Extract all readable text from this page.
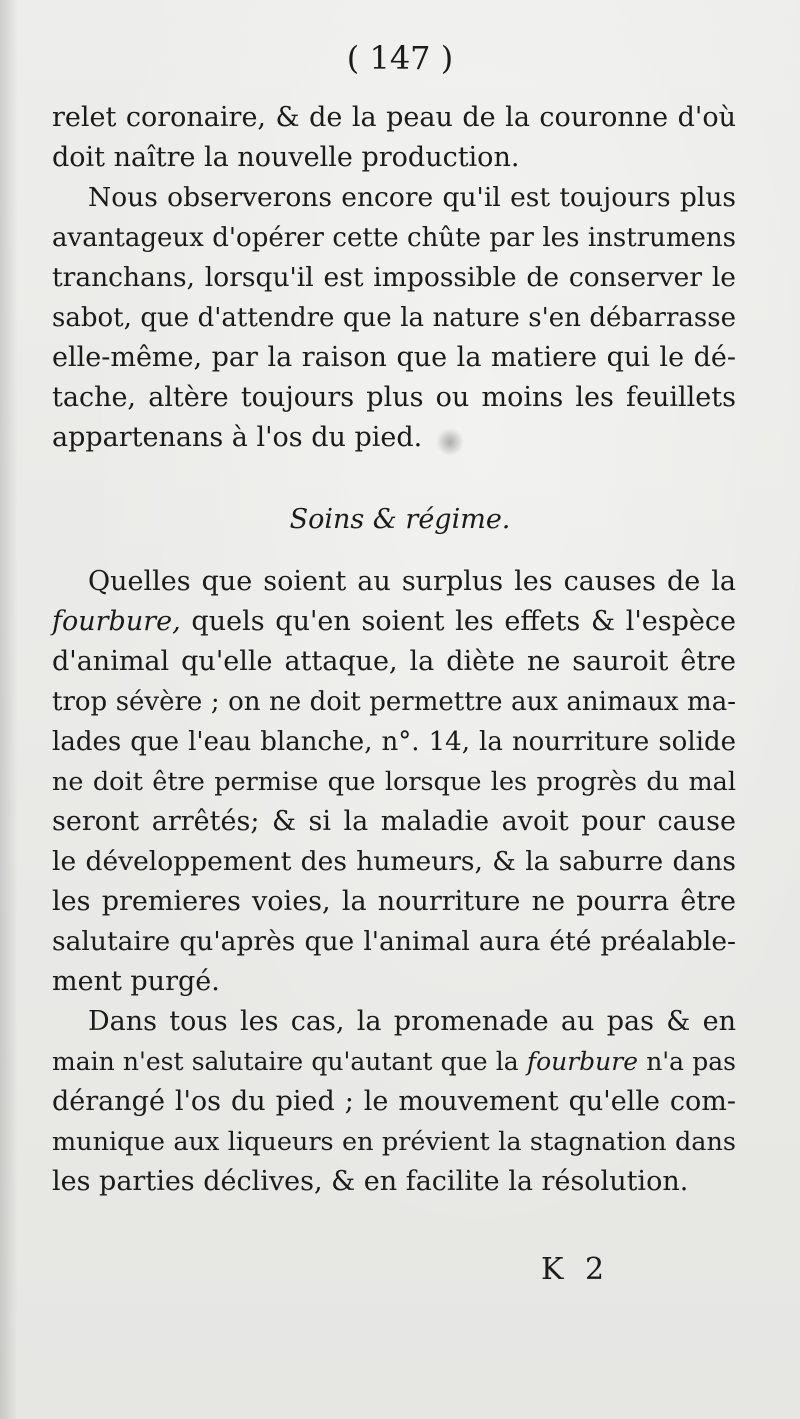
( 147 )
relet coronaire, & de la peau de la couronne d'où
doit naître la nouvelle production.
Nous observerons encore qu'il est toujours plus
avantageux d'opérer cette chûte par les instrumens
tranchans, lorsqu'il est impossible de conserver le
sabot, que d'attendre que la nature s'en débarrasse
elle-même, par la raison que la matiere qui le dé-
tache, altère toujours plus ou moins les feuillets
appartenans à l'os du pied.
Soins & régime.
Quelles que soient au surplus les causes de la
fourbure, quels qu'en soient les effets & l'espèce
d'animal qu'elle attaque, la diète ne sauroit être
trop sévère ; on ne doit permettre aux animaux ma-
lades que l'eau blanche, n°. 14, la nourriture solide
ne doit être permise que lorsque les progrès du mal
seront arrêtés; & si la maladie avoit pour cause
le développement des humeurs, & la saburre dans
les premieres voies, la nourriture ne pourra être
salutaire qu'après que l'animal aura été préalable-
ment purgé.
Dans tous les cas, la promenade au pas & en
main n'est salutaire qu'autant que la fourbure n'a pas
dérangé l'os du pied ; le mouvement qu'elle com-
munique aux liqueurs en prévient la stagnation dans
les parties déclives, & en facilite la résolution.
K 2
